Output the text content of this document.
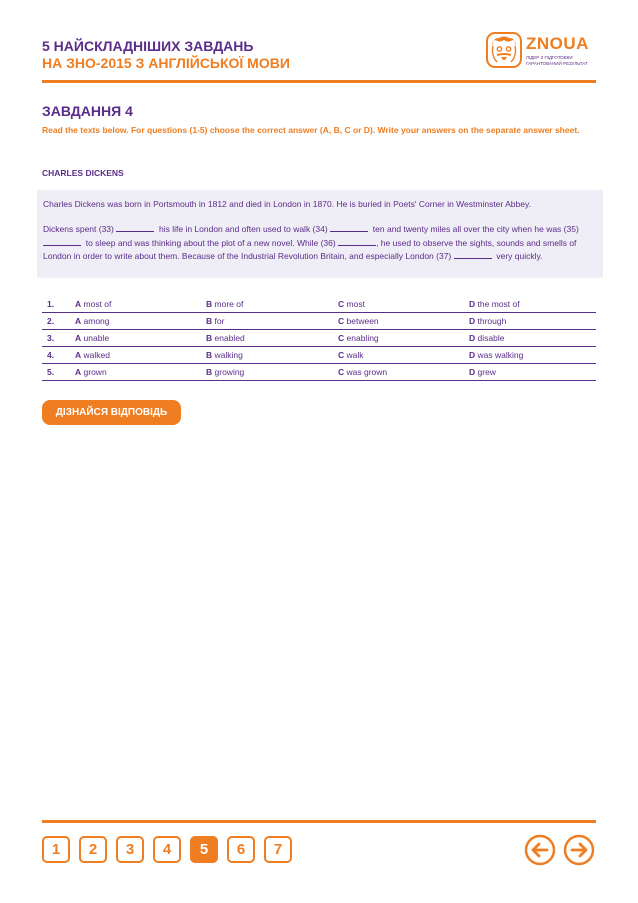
5 НАЙСКЛАДНІШИХ ЗАВДАНЬ
НА ЗНО-2015 З АНГЛІЙСЬКОЇ МОВИ
ZNOUA
ЛІДЕР З ПІДГОТОВКИ
ГАРАНТОВАНИЙ РЕЗУЛЬТАТ
ЗАВДАННЯ 4
Read the texts below. For questions (1-5) choose the correct answer (A, B, C or D). Write your answers on the separate answer sheet.
CHARLES DICKENS

Charles Dickens was born in Portsmouth in 1812 and died in London in 1870. He is buried in Poets' Corner in Westminster Abbey.

Dickens spent (33)	his life in London and often used to walk (34)	ten and twenty miles all over the city when he was (35)   to sleep and was thinking about the plot of a new novel. While (36)	, he used to observe the sights, sounds and smells of London in order to write about them. Because of the Industrial Revolution Britain, and especially London (37)	very quickly.

1. A most of	B more of	C most	D the most of
2. A among	B for	C between	D through
3. A unable	B enabled	C enabling	D disable
4. A walked	B walking	C walk	D was walking
5. A grown	B growing	C was grown	D grew
ДІЗНАЙСЯ ВІДПОВІДЬ
1	2	3	4	5	6	7
